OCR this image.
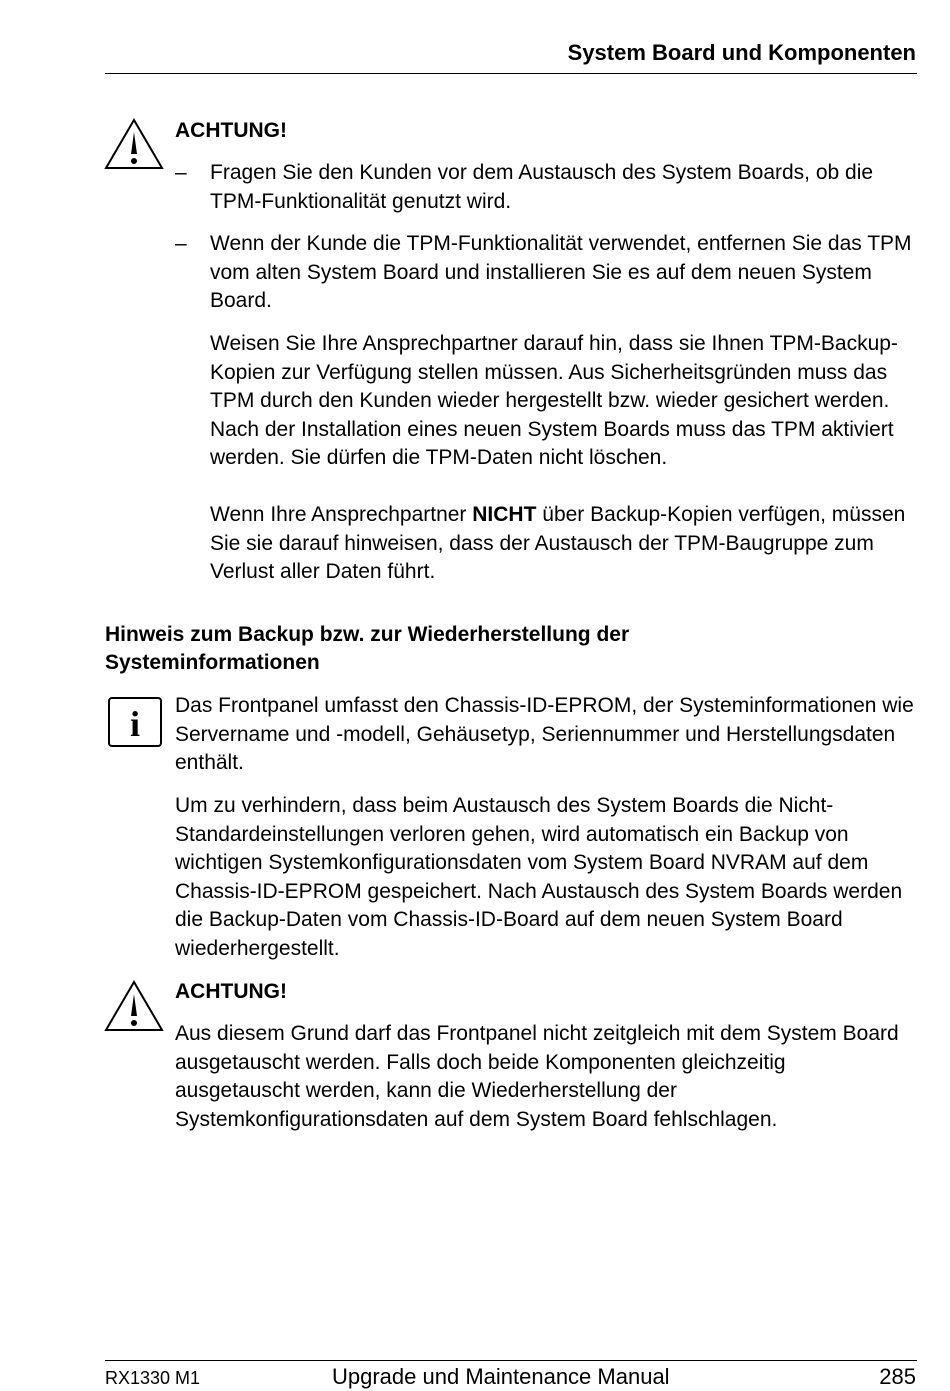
System Board und Komponenten
ACHTUNG!
– Fragen Sie den Kunden vor dem Austausch des System Boards, ob die TPM-Funktionalität genutzt wird.
– Wenn der Kunde die TPM-Funktionalität verwendet, entfernen Sie das TPM vom alten System Board und installieren Sie es auf dem neuen System Board.
Weisen Sie Ihre Ansprechpartner darauf hin, dass sie Ihnen TPM-Backup-Kopien zur Verfügung stellen müssen. Aus Sicherheitsgründen muss das TPM durch den Kunden wieder hergestellt bzw. wieder gesichert werden. Nach der Installation eines neuen System Boards muss das TPM aktiviert werden. Sie dürfen die TPM-Daten nicht löschen.
Wenn Ihre Ansprechpartner NICHT über Backup-Kopien verfügen, müssen Sie sie darauf hinweisen, dass der Austausch der TPM-Baugruppe zum Verlust aller Daten führt.
Hinweis zum Backup bzw. zur Wiederherstellung der
Systeminformationen
i Das Frontpanel umfasst den Chassis-ID-EPROM, der Systeminformationen wie Servername und -modell, Gehäusetyp, Seriennummer und Herstellungsdaten enthält.
Um zu verhindern, dass beim Austausch des System Boards die Nicht-Standardeinstellungen verloren gehen, wird automatisch ein Backup von wichtigen Systemkonfigurationsdaten vom System Board NVRAM auf dem Chassis-ID-EPROM gespeichert. Nach Austausch des System Boards werden die Backup-Daten vom Chassis-ID-Board auf dem neuen System Board wiederhergestellt.
ACHTUNG!
Aus diesem Grund darf das Frontpanel nicht zeitgleich mit dem System Board ausgetauscht werden. Falls doch beide Komponenten gleichzeitig ausgetauscht werden, kann die Wiederherstellung der Systemkonfigurationsdaten auf dem System Board fehlschlagen.
RX1330 M1	Upgrade und Maintenance Manual	285
